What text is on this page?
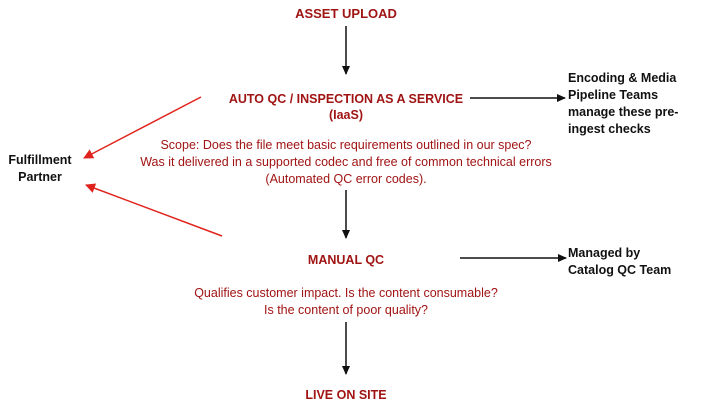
ASSET UPLOAD
AUTO QC / INSPECTION AS A SERVICE
(IaaS)
Scope: Does the file meet basic requirements outlined in our spec?
Was it delivered in a supported codec and free of common technical errors
(Automated QC error codes).
MANUAL QC
Qualifies customer impact. Is the content consumable?
Is the content of poor quality?
LIVE ON SITE
Encoding & Media
Pipeline Teams
manage these pre-
ingest checks
Managed by
Catalog QC Team
Fulfillment
Partner
